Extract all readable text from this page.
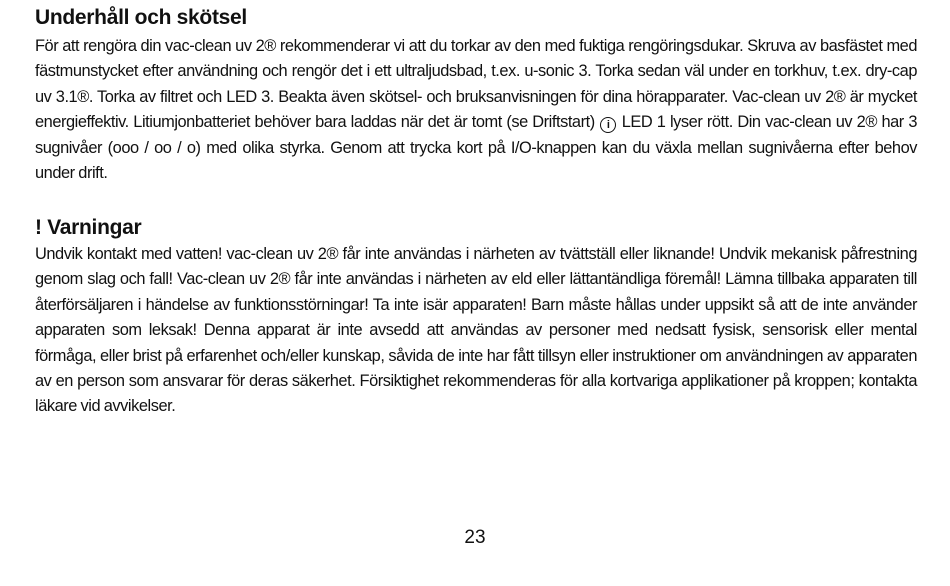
Underhåll och skötsel

För att rengöra din vac-clean uv 2® rekommenderar vi att du torkar av den med fuktiga rengöringsdukar. Skruva av basfästet med fästmunstycket efter användning och rengör det i ett ultraljudsbad, t.ex. u-sonic 3. Torka sedan väl under en torkhuv, t.ex. dry-cap uv 3.1®. Torka av filtret och LED 3. Beakta även skötsel- och bruksanvisningen för dina hörapparater. Vac-clean uv 2® är mycket energieffektiv. Litiumjonbatteriet behöver bara laddas när det är tomt (se Driftstart) i LED 1 lyser rött. Din vac-clean uv 2® har 3 sugnivåer (ooo / oo / o) med olika styrka. Genom att trycka kort på I/O-knappen kan du växla mellan sugnivåerna efter behov under drift.

! Varningar

Undvik kontakt med vatten! vac-clean uv 2® får inte användas i närheten av tvättställ eller liknande! Undvik mekanisk påfrestning genom slag och fall! Vac-clean uv 2® får inte användas i närheten av eld eller lättantändliga föremål! Lämna tillbaka apparaten till återförsäljaren i händelse av funktionsstörningar! Ta inte isär apparaten! Barn måste hållas under uppsikt så att de inte använder apparaten som leksak! Denna apparat är inte avsedd att användas av personer med nedsatt fysisk, sensorisk eller mental förmåga, eller brist på erfarenhet och/eller kunskap, såvida de inte har fått tillsyn eller instruktioner om användningen av apparaten av en person som ansvarar för deras säkerhet. Försiktighet rekommenderas för alla kortvariga applikationer på kroppen; kontakta läkare vid avvikelser.

23
